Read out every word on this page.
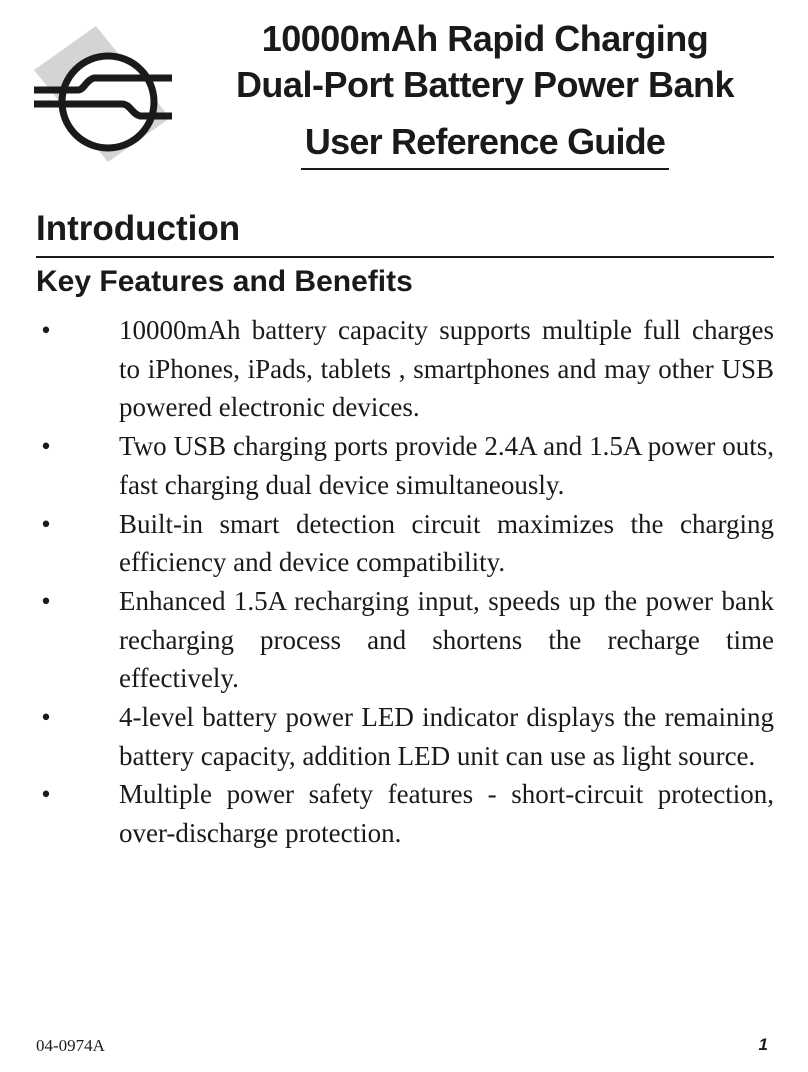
10000mAh Rapid Charging
Dual-Port Battery Power Bank
User Reference Guide
Introduction
Key Features and Benefits
•	10000mAh battery capacity supports multiple full charges to iPhones, iPads, tablets , smartphones and may other USB powered electronic devices.
•	Two USB charging ports provide 2.4A and 1.5A power outs, fast charging dual device simultaneously.
•	Built-in smart detection circuit maximizes the charging efficiency and device compatibility.
•	Enhanced 1.5A recharging input, speeds up the power bank recharging process and shortens the recharge time effectively.
•	4-level battery power LED indicator displays the remaining battery capacity, addition LED unit can use as light source.
•	Multiple power safety features - short-circuit protection, over-discharge protection.
04-0974A	1
